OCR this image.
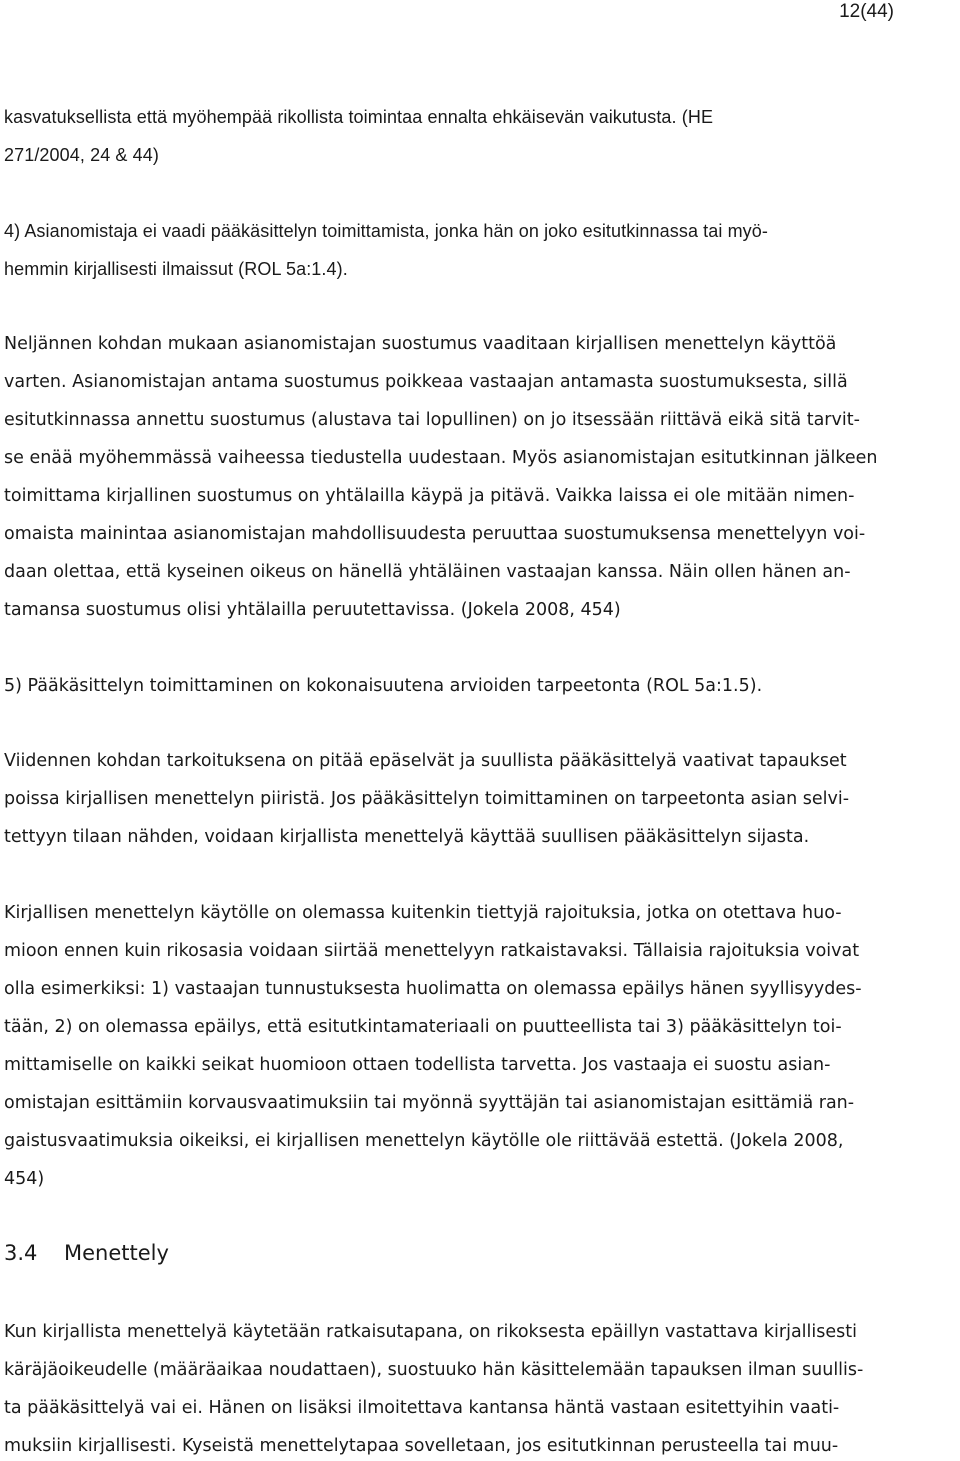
12(44)
kasvatuksellista että myöhempää rikollista toimintaa ennalta ehkäisevän vaikutusta. (HE
271/2004, 24 & 44)
4) Asianomistaja ei vaadi pääkäsittelyn toimittamista, jonka hän on joko esitutkinnassa tai myö-
hemmin kirjallisesti ilmaissut (ROL 5a:1.4).
Neljännen kohdan mukaan asianomistajan suostumus vaaditaan kirjallisen menettelyn käyttöä
varten. Asianomistajan antama suostumus poikkeaa vastaajan antamasta suostumuksesta, sillä
esitutkinnassa annettu suostumus (alustava tai lopullinen) on jo itsessään riittävä eikä sitä tarvit-
se enää myöhemmässä vaiheessa tiedustella uudestaan. Myös asianomistajan esitutkinnan jälkeen
toimittama kirjallinen suostumus on yhtälailla käypä ja pitävä. Vaikka laissa ei ole mitään nimen-
omaista mainintaa asianomistajan mahdollisuudesta peruuttaa suostumuksensa menettelyyn voi-
daan olettaa, että kyseinen oikeus on hänellä yhtäläinen vastaajan kanssa. Näin ollen hänen an-
tamansa suostumus olisi yhtälailla peruutettavissa. (Jokela 2008, 454)
5) Pääkäsittelyn toimittaminen on kokonaisuutena arvioiden tarpeetonta (ROL 5a:1.5).
Viidennen kohdan tarkoituksena on pitää epäselvät ja suullista pääkäsittelyä vaativat tapaukset
poissa kirjallisen menettelyn piiristä. Jos pääkäsittelyn toimittaminen on tarpeetonta asian selvi-
tettyyn tilaan nähden, voidaan kirjallista menettelyä käyttää suullisen pääkäsittelyn sijasta.
Kirjallisen menettelyn käytölle on olemassa kuitenkin tiettyjä rajoituksia, jotka on otettava huo-
mioon ennen kuin rikosasia voidaan siirtää menettelyyn ratkaistavaksi. Tällaisia rajoituksia voivat
olla esimerkiksi: 1) vastaajan tunnustuksesta huolimatta on olemassa epäilys hänen syyllisyydes-
tään, 2) on olemassa epäilys, että esitutkintamateriaali on puutteellista tai 3) pääkäsittelyn toi-
mittamiselle on kaikki seikat huomioon ottaen todellista tarvetta. Jos vastaaja ei suostu asian-
omistajan esittämiin korvausvaatimuksiin tai myönnä syyttäjän tai asianomistajan esittämiä ran-
gaistusvaatimuksia oikeiksi, ei kirjallisen menettelyn käytölle ole riittävää estettä. (Jokela 2008,
454)
3.4 Menettely
Kun kirjallista menettelyä käytetään ratkaisutapana, on rikoksesta epäillyn vastattava kirjallisesti
käräjäoikeudelle (määräaikaa noudattaen), suostuuko hän käsittelemään tapauksen ilman suullis-
ta pääkäsittelyä vai ei. Hänen on lisäksi ilmoitettava kantansa häntä vastaan esitettyihin vaati-
muksiin kirjallisesti. Kyseistä menettelytapaa sovelletaan, jos esitutkinnan perusteella tai muu-
